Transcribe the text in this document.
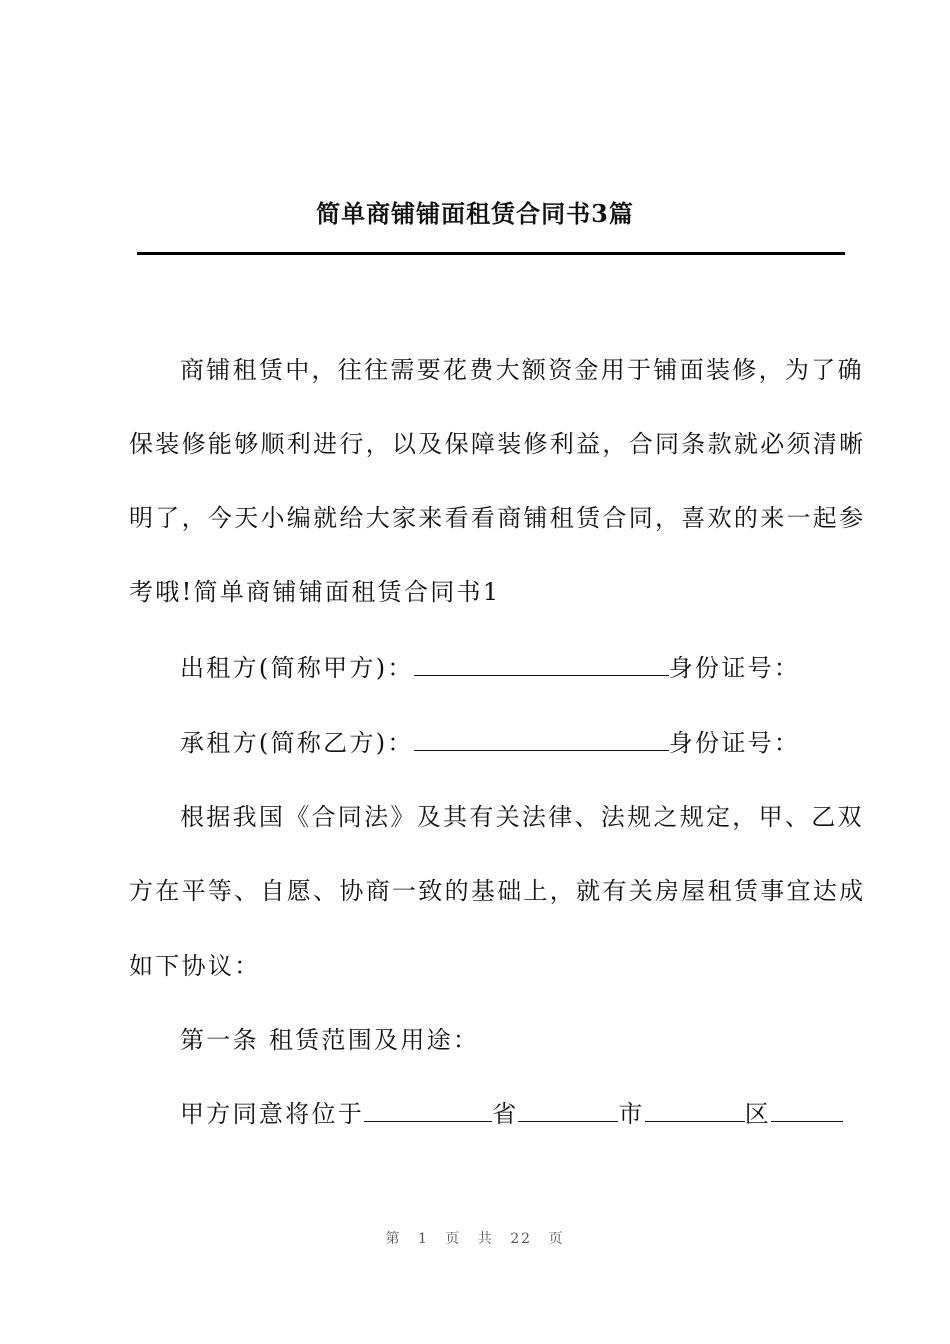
简单商铺铺面租赁合同书3篇
商铺租赁中，往往需要花费大额资金用于铺面装修，为了确
保装修能够顺利进行，以及保障装修利益，合同条款就必须清晰
明了，今天小编就给大家来看看商铺租赁合同，喜欢的来一起参
考哦!简单商铺铺面租赁合同书1
出租方(简称甲方)：	身份证号：
承租方(简称乙方)：	身份证号：
根据我国《合同法》及其有关法律、法规之规定，甲、乙双
方在平等、自愿、协商一致的基础上，就有关房屋租赁事宜达成
如下协议：
第一条 租赁范围及用途：
甲方同意将位于	省	市	区
第 1 页 共 22 页
